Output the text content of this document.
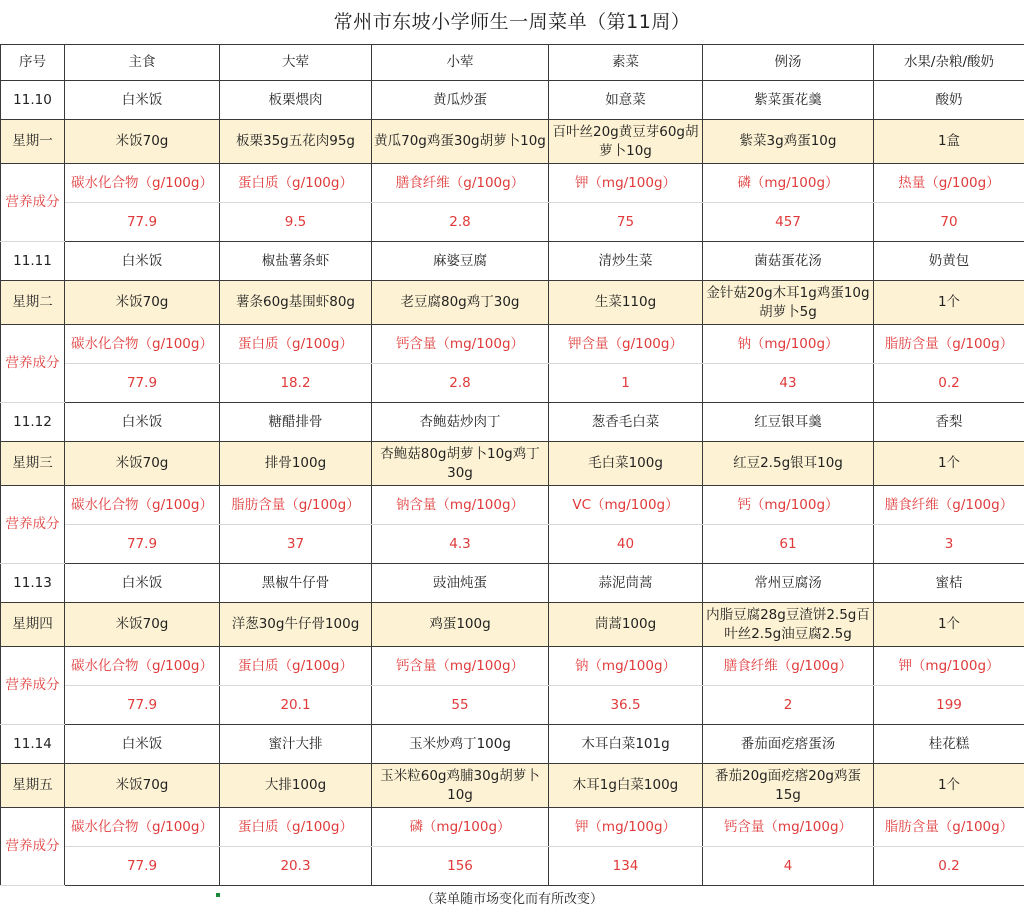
常州市东坡小学师生一周菜单（第11周）
序号	主食	大荤	小荤	素菜	例汤	水果/杂粮/酸奶
11.10	白米饭	板栗煨肉	黄瓜炒蛋	如意菜	紫菜蛋花羹	酸奶
星期一	米饭70g	板栗35g五花肉95g	黄瓜70g鸡蛋30g胡萝卜10g	百叶丝20g黄豆芽60g胡萝卜10g	紫菜3g鸡蛋10g	1盒
营养成分	碳水化合物（g/100g）	蛋白质（g/100g）	膳食纤维（g/100g）	钾（mg/100g）	磷（mg/100g）	热量（g/100g）
	77.9	9.5	2.8	75	457	70
11.11	白米饭	椒盐薯条虾	麻婆豆腐	清炒生菜	菌菇蛋花汤	奶黄包
星期二	米饭70g	薯条60g基围虾80g	老豆腐80g鸡丁30g	生菜110g	金针菇20g木耳1g鸡蛋10g胡萝卜5g	1个
营养成分	碳水化合物（g/100g）	蛋白质（g/100g）	钙含量（mg/100g）	钾含量（g/100g）	钠（mg/100g）	脂肪含量（g/100g）
	77.9	18.2	2.8	1	43	0.2
11.12	白米饭	糖醋排骨	杏鲍菇炒肉丁	葱香毛白菜	红豆银耳羹	香梨
星期三	米饭70g	排骨100g	杏鲍菇80g胡萝卜10g鸡丁30g	毛白菜100g	红豆2.5g银耳10g	1个
营养成分	碳水化合物（g/100g）	脂肪含量（g/100g）	钠含量（mg/100g）	VC（mg/100g）	钙（mg/100g）	膳食纤维（g/100g）
	77.9	37	4.3	40	61	3
11.13	白米饭	黑椒牛仔骨	豉油炖蛋	蒜泥茼蒿	常州豆腐汤	蜜桔
星期四	米饭70g	洋葱30g牛仔骨100g	鸡蛋100g	茼蒿100g	内脂豆腐28g豆渣饼2.5g百叶丝2.5g油豆腐2.5g	1个
营养成分	碳水化合物（g/100g）	蛋白质（g/100g）	钙含量（mg/100g）	钠（mg/100g）	膳食纤维（g/100g）	钾（mg/100g）
	77.9	20.1	55	36.5	2	199
11.14	白米饭	蜜汁大排	玉米炒鸡丁100g	木耳白菜101g	番茄面疙瘩蛋汤	桂花糕
星期五	米饭70g	大排100g	玉米粒60g鸡脯30g胡萝卜10g	木耳1g白菜100g	番茄20g面疙瘩20g鸡蛋15g	1个
营养成分	碳水化合物（g/100g）	蛋白质（g/100g）	磷（mg/100g）	钾（mg/100g）	钙含量（mg/100g）	脂肪含量（g/100g）
	77.9	20.3	156	134	4	0.2
（菜单随市场变化而有所改变）
